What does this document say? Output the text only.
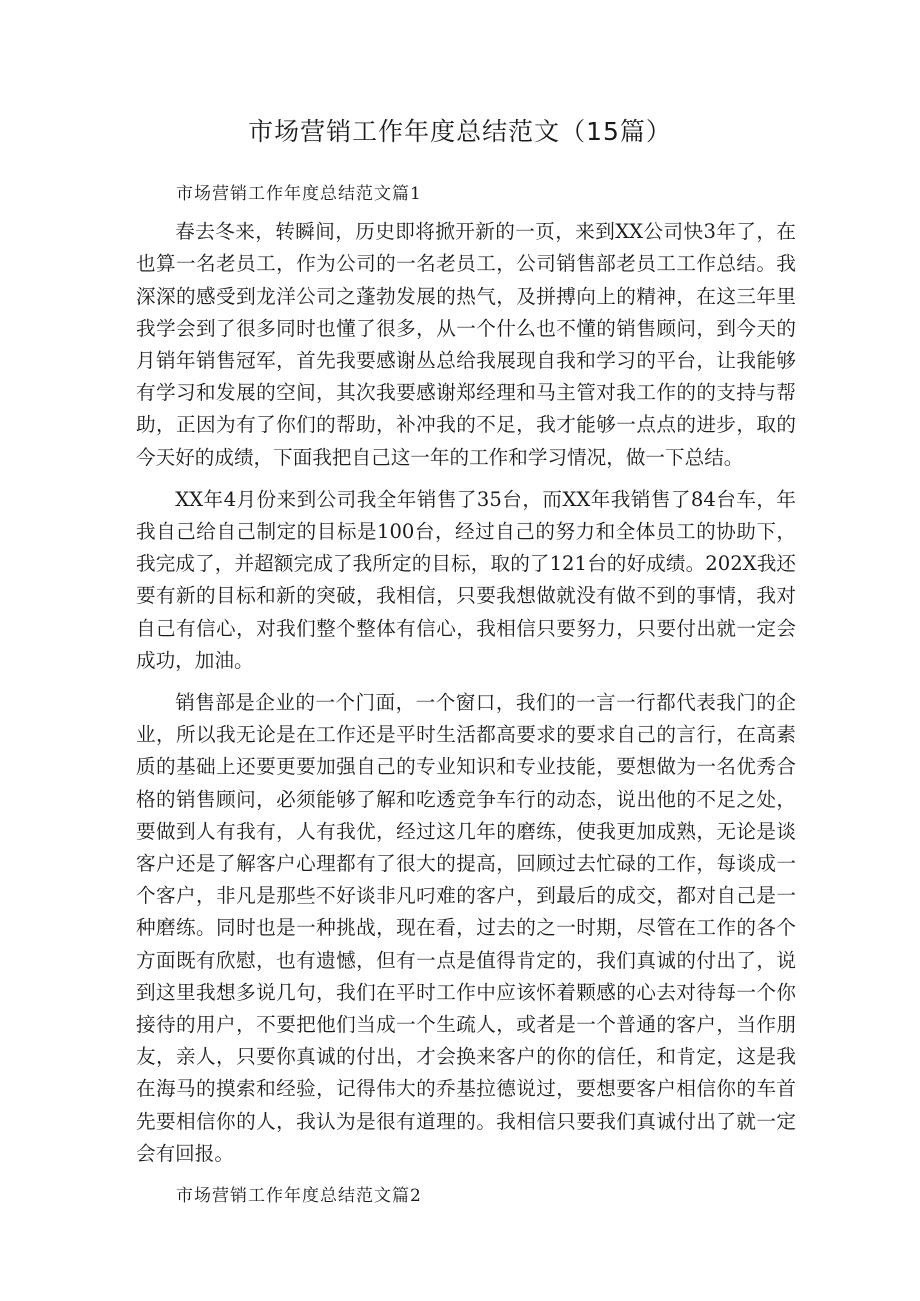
市场营销工作年度总结范文（15篇）

市场营销工作年度总结范文篇1

春去冬来，转瞬间，历史即将掀开新的一页，来到XX公司快3年了，在也算一名老员工，作为公司的一名老员工，公司销售部老员工工作总结。我深深的感受到龙洋公司之蓬勃发展的热气，及拼搏向上的精神，在这三年里我学会到了很多同时也懂了很多，从一个什么也不懂的销售顾问，到今天的月销年销售冠军，首先我要感谢丛总给我展现自我和学习的平台，让我能够有学习和发展的空间，其次我要感谢郑经理和马主管对我工作的的支持与帮助，正因为有了你们的帮助，补冲我的不足，我才能够一点点的进步，取的今天好的成绩，下面我把自己这一年的工作和学习情况，做一下总结。

XX年4月份来到公司我全年销售了35台，而XX年我销售了84台车，年我自己给自己制定的目标是100台，经过自己的努力和全体员工的协助下，我完成了，并超额完成了我所定的目标，取的了121台的好成绩。202X我还要有新的目标和新的突破，我相信，只要我想做就没有做不到的事情，我对自己有信心，对我们整个整体有信心，我相信只要努力，只要付出就一定会成功，加油。

销售部是企业的一个门面，一个窗口，我们的一言一行都代表我门的企业，所以我无论是在工作还是平时生活都高要求的要求自己的言行，在高素质的基础上还要更要加强自己的专业知识和专业技能，要想做为一名优秀合格的销售顾问，必须能够了解和吃透竞争车行的动态，说出他的不足之处，要做到人有我有，人有我优，经过这几年的磨练，使我更加成熟，无论是谈客户还是了解客户心理都有了很大的提高，回顾过去忙碌的工作，每谈成一个客户，非凡是那些不好谈非凡叼难的客户，到最后的成交，都对自己是一种磨练。同时也是一种挑战，现在看，过去的之一时期，尽管在工作的各个方面既有欣慰，也有遗憾，但有一点是值得肯定的，我们真诚的付出了，说到这里我想多说几句，我们在平时工作中应该怀着颗感的心去对待每一个你接待的用户，不要把他们当成一个生疏人，或者是一个普通的客户，当作朋友，亲人，只要你真诚的付出，才会换来客户的你的信任，和肯定，这是我在海马的摸索和经验，记得伟大的乔基拉德说过，要想要客户相信你的车首先要相信你的人，我认为是很有道理的。我相信只要我们真诚付出了就一定会有回报。

市场营销工作年度总结范文篇2
